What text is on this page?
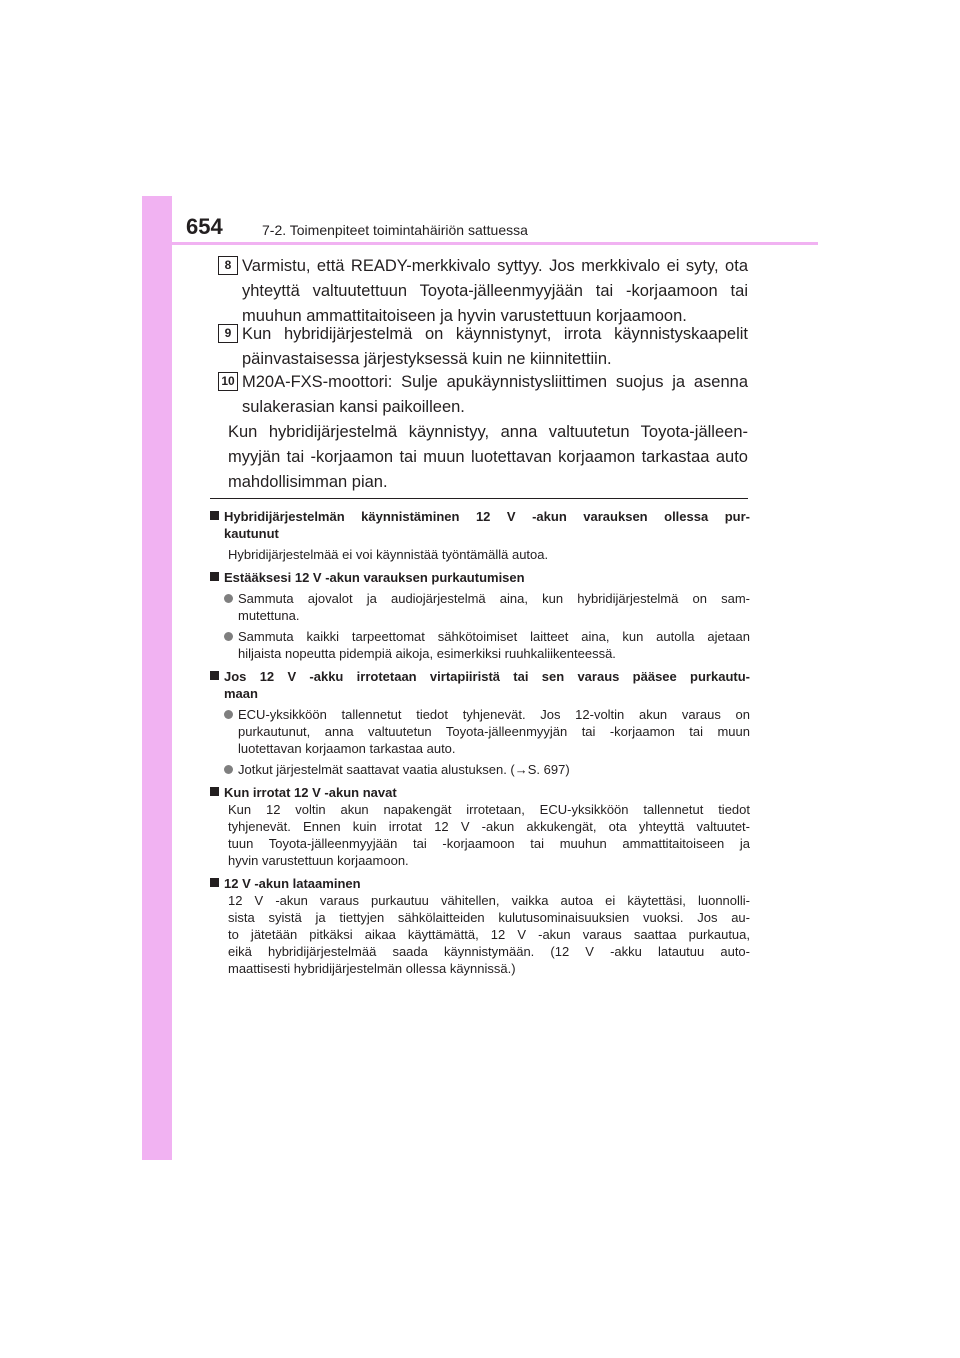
654	7-2. Toimenpiteet toimintahäiriön sattuessa
8 Varmistu, että READY-merkkivalo syttyy. Jos merkkivalo ei syty, ota
yhteyttä valtuutettuun Toyota-jälleenmyyjään tai -korjaamoon tai
muuhun ammattitaitoiseen ja hyvin varustettuun korjaamoon.
9 Kun hybridijärjestelmä on käynnistynyt, irrota käynnistyskaapelit
päinvastaisessa järjestyksessä kuin ne kiinnitettiin.
10 M20A-FXS-moottori: Sulje apukäynnistysliittimen suojus ja asenna
sulakerasian kansi paikoilleen.
Kun hybridijärjestelmä käynnistyy, anna valtuutetun Toyota-jälleen-
myyjän tai -korjaamon tai muun luotettavan korjaamon tarkastaa auto
mahdollisimman pian.
Hybridijärjestelmän käynnistäminen 12 V -akun varauksen ollessa pur-
kautunut
Hybridijärjestelmää ei voi käynnistää työntämällä autoa.
Estääksesi 12 V -akun varauksen purkautumisen
Sammuta ajovalot ja audiojärjestelmä aina, kun hybridijärjestelmä on sam-
mutettuna.
Sammuta kaikki tarpeettomat sähkötoimiset laitteet aina, kun autolla ajetaan
hiljaista nopeutta pidempiä aikoja, esimerkiksi ruuhkaliikenteessä.
Jos 12 V -akku irrotetaan virtapiiristä tai sen varaus pääsee purkautu-
maan
ECU-yksikköön tallennetut tiedot tyhjenevät. Jos 12-voltin akun varaus on
purkautunut, anna valtuutetun Toyota-jälleenmyyjän tai -korjaamon tai muun
luotettavan korjaamon tarkastaa auto.
Jotkut järjestelmät saattavat vaatia alustuksen. (→S. 697)
Kun irrotat 12 V -akun navat
Kun 12 voltin akun napakengät irrotetaan, ECU-yksikköön tallennetut tiedot
tyhjenevät. Ennen kuin irrotat 12 V -akun akkukengät, ota yhteyttä valtuutet-
tuun Toyota-jälleenmyyjään tai -korjaamoon tai muuhun ammattitaitoiseen ja
hyvin varustettuun korjaamoon.
12 V -akun lataaminen
12 V -akun varaus purkautuu vähitellen, vaikka autoa ei käytettäsi, luonnolli-
sista syistä ja tiettyjen sähkölaitteiden kulutusominaisuuksien vuoksi. Jos au-
to jätetään pitkäksi aikaa käyttämättä, 12 V -akun varaus saattaa purkautua,
eikä hybridijärjestelmää saada käynnistymään. (12 V -akku latautuu auto-
maattisesti hybridijärjestelmän ollessa käynnissä.)
